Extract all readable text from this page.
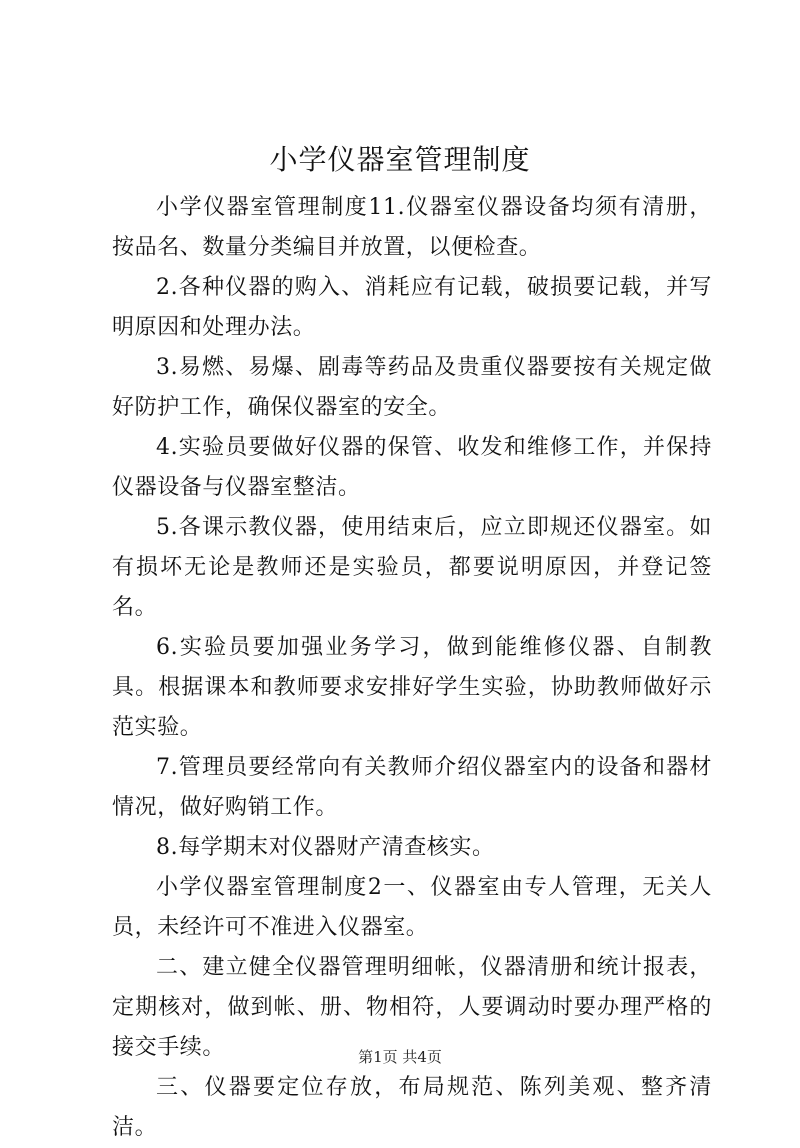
小学仪器室管理制度

小学仪器室管理制度11.仪器室仪器设备均须有清册，按品名、数量分类编目并放置，以便检查。

2.各种仪器的购入、消耗应有记载，破损要记载，并写明原因和处理办法。

3.易燃、易爆、剧毒等药品及贵重仪器要按有关规定做好防护工作，确保仪器室的安全。

4.实验员要做好仪器的保管、收发和维修工作，并保持仪器设备与仪器室整洁。

5.各课示教仪器，使用结束后，应立即规还仪器室。如有损坏无论是教师还是实验员，都要说明原因，并登记签名。

6.实验员要加强业务学习，做到能维修仪器、自制教具。根据课本和教师要求安排好学生实验，协助教师做好示范实验。

7.管理员要经常向有关教师介绍仪器室内的设备和器材情况，做好购销工作。

8.每学期末对仪器财产清查核实。

小学仪器室管理制度2一、仪器室由专人管理，无关人员，未经许可不准进入仪器室。

二、建立健全仪器管理明细帐，仪器清册和统计报表，定期核对，做到帐、册、物相符，人要调动时要办理严格的接交手续。

三、仪器要定位存放，布局规范、陈列美观、整齐清洁。

第1页 共4页
